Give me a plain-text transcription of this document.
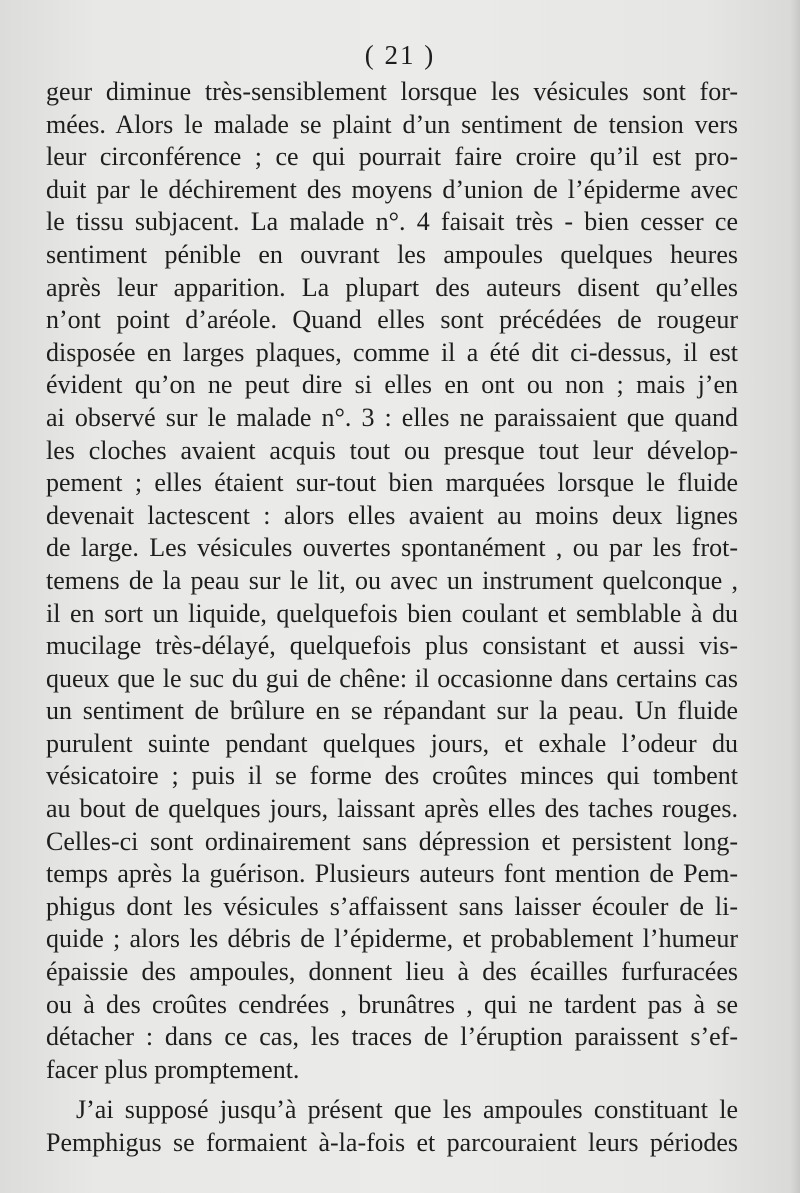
( 21 )
geur diminue très-sensiblement lorsque les vésicules sont for-
mées. Alors le malade se plaint d’un sentiment de tension vers
leur circonférence ; ce qui pourrait faire croire qu’il est pro-
duit par le déchirement des moyens d’union de l’épiderme avec
le tissu subjacent. La malade n°. 4 faisait très - bien cesser ce
sentiment pénible en ouvrant les ampoules quelques heures
après leur apparition. La plupart des auteurs disent qu’elles
n’ont point d’aréole. Quand elles sont précédées de rougeur
disposée en larges plaques, comme il a été dit ci-dessus, il est
évident qu’on ne peut dire si elles en ont ou non ; mais j’en
ai observé sur le malade n°. 3 : elles ne paraissaient que quand
les cloches avaient acquis tout ou presque tout leur dévelop-
pement ; elles étaient sur-tout bien marquées lorsque le fluide
devenait lactescent : alors elles avaient au moins deux lignes
de large. Les vésicules ouvertes spontanément , ou par les frot-
temens de la peau sur le lit, ou avec un instrument quelconque ,
il en sort un liquide, quelquefois bien coulant et semblable à du
mucilage très-délayé, quelquefois plus consistant et aussi vis-
queux que le suc du gui de chêne: il occasionne dans certains cas
un sentiment de brûlure en se répandant sur la peau. Un fluide
purulent suinte pendant quelques jours, et exhale l’odeur du
vésicatoire ; puis il se forme des croûtes minces qui tombent
au bout de quelques jours, laissant après elles des taches rouges.
Celles-ci sont ordinairement sans dépression et persistent long-
temps après la guérison. Plusieurs auteurs font mention de Pem-
phigus dont les vésicules s’affaissent sans laisser écouler de li-
quide ; alors les débris de l’épiderme, et probablement l’humeur
épaissie des ampoules, donnent lieu à des écailles furfuracées
ou à des croûtes cendrées , brunâtres , qui ne tardent pas à se
détacher : dans ce cas, les traces de l’éruption paraissent s’ef-
facer plus promptement.
J’ai supposé jusqu’à présent que les ampoules constituant le
Pemphigus se formaient à-la-fois et parcouraient leurs périodes
